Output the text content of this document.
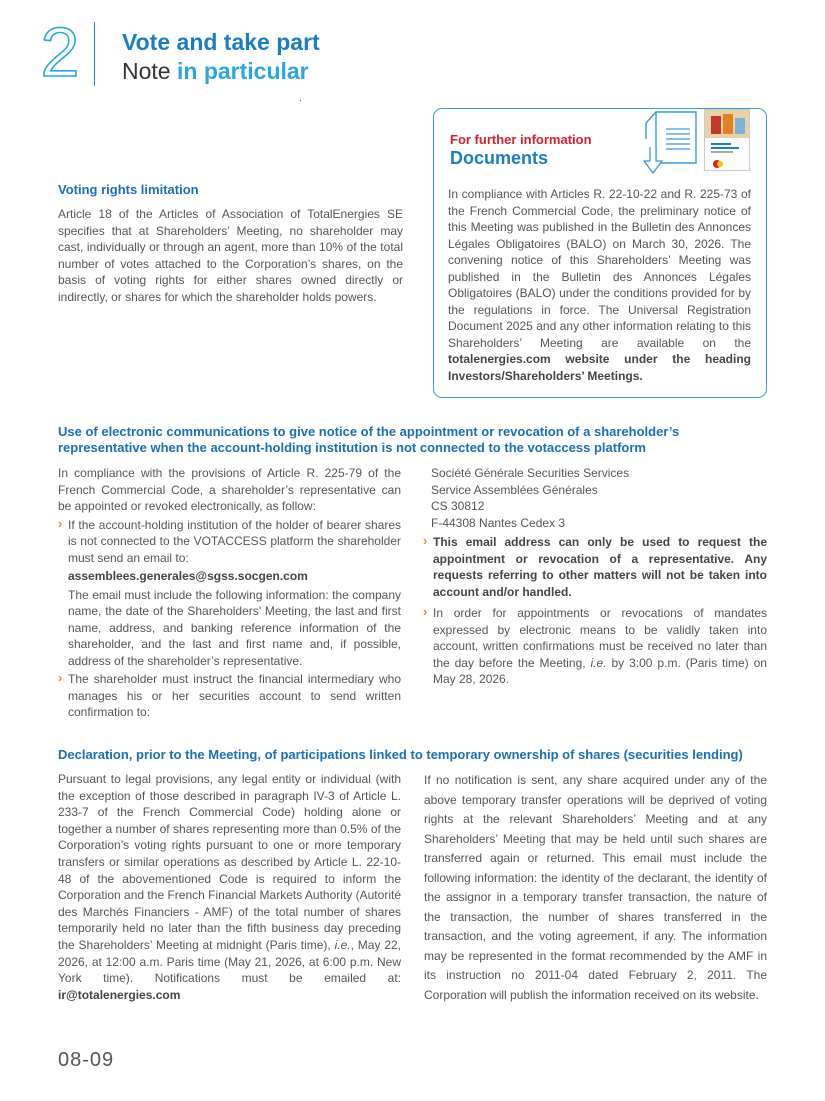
2 Vote and take part
Note in particular
Voting rights limitation
Article 18 of the Articles of Association of TotalEnergies SE specifies that at Shareholders’ Meeting, no shareholder may cast, individually or through an agent, more than 10% of the total number of votes attached to the Corporation’s shares, on the basis of voting rights for either shares owned directly or indirectly, or shares for which the shareholder holds powers.
For further information
Documents
In compliance with Articles R. 22-10-22 and R. 225-73 of the French Commercial Code, the preliminary notice of this Meeting was published in the Bulletin des Annonces Légales Obligatoires (BALO) on March 30, 2026. The convening notice of this Shareholders’ Meeting was published in the Bulletin des Annonces Légales Obligatoires (BALO) under the conditions provided for by the regulations in force. The Universal Registration Document 2025 and any other information relating to this Shareholders’ Meeting are available on the totalenergies.com website under the heading Investors/Shareholders’ Meetings.
Use of electronic communications to give notice of the appointment or revocation of a shareholder’s representative when the account-holding institution is not connected to the votaccess platform
In compliance with the provisions of Article R. 225-79 of the French Commercial Code, a shareholder’s representative can be appointed or revoked electronically, as follow:
› If the account-holding institution of the holder of bearer shares is not connected to the VOTACCESS platform the shareholder must send an email to:
assemblees.generales@sgss.socgen.com
The email must include the following information: the company name, the date of the Shareholders’ Meeting, the last and first name, address, and banking reference information of the shareholder, and the last and first name and, if possible, address of the shareholder’s representative.
› The shareholder must instruct the financial intermediary who manages his or her securities account to send written confirmation to:
Société Générale Securities Services
Service Assemblées Générales
CS 30812
F-44308 Nantes Cedex 3
› This email address can only be used to request the appointment or revocation of a representative. Any requests referring to other matters will not be taken into account and/or handled.
› In order for appointments or revocations of mandates expressed by electronic means to be validly taken into account, written confirmations must be received no later than the day before the Meeting, i.e. by 3:00 p.m. (Paris time) on May 28, 2026.
Declaration, prior to the Meeting, of participations linked to temporary ownership of shares (securities lending)
Pursuant to legal provisions, any legal entity or individual (with the exception of those described in paragraph IV-3 of Article L. 233-7 of the French Commercial Code) holding alone or together a number of shares representing more than 0.5% of the Corporation’s voting rights pursuant to one or more temporary transfers or similar operations as described by Article L. 22-10-48 of the abovementioned Code is required to inform the Corporation and the French Financial Markets Authority (Autorité des Marchés Financiers - AMF) of the total number of shares temporarily held no later than the fifth business day preceding the Shareholders’ Meeting at midnight (Paris time), i.e., May 22, 2026, at 12:00 a.m. Paris time (May 21, 2026, at 6:00 p.m. New York time). Notifications must be emailed at: ir@totalenergies.com
If no notification is sent, any share acquired under any of the above temporary transfer operations will be deprived of voting rights at the relevant Shareholders’ Meeting and at any Shareholders’ Meeting that may be held until such shares are transferred again or returned. This email must include the following information: the identity of the declarant, the identity of the assignor in a temporary transfer transaction, the nature of the transaction, the number of shares transferred in the transaction, and the voting agreement, if any. The information may be represented in the format recommended by the AMF in its instruction no 2011-04 dated February 2, 2011. The Corporation will publish the information received on its website.
08-09
